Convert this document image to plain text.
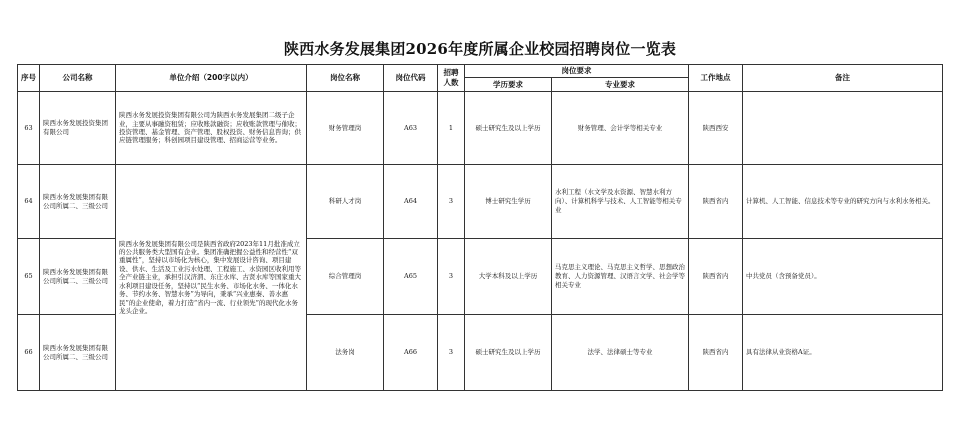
陕西水务发展集团2026年度所属企业校园招聘岗位一览表
序号	公司名称	单位介绍（200字以内）	岗位名称	岗位代码	招聘人数	岗位要求		工作地点	备注
						学历要求	专业要求		
63	陕西水务发展投资集团有限公司	陕西水务发展投资集团有限公司为陕西水务发展集团二级子企业，主要从事融资租赁；应收账款融资；应收账款管理与催收；投资管理、基金管理、资产管理、股权投资、财务信息咨询；供应链管理服务；科创园项目建设管理、招商运营等业务。	财务管理岗	A63	1	硕士研究生及以上学历	财务管理、会计学等相关专业	陕西西安	
64	陕西水务发展集团有限公司所属二、三级公司	陕西水务发展集团有限公司是陕西省政府2023年11月批准成立的公共服务类大型国有企业。集团准确把握公益性和经营性“双重属性”，坚持以市场化为核心，集中发展设计咨询、项目建设、供水、生活及工业污水处理、工程施工、水资园区收利用等全产业链主业，承担引汉济渭、东庄水库、古贤水库等国家重大水利项目建设任务，坚持以“民生水务、市场化水务、一体化水务、节约水务、智慧水务”为导向，秉承“兴业惠秦、善水惠民”的企业使命，着力打造“省内一流、行业领先”的现代化水务龙头企业。	科研人才岗	A64	3	博士研究生学历	水利工程（水文学及水资源、智慧水利方向）、计算机科学与技术、人工智能等相关专业	陕西省内	计算机、人工智能、信息技术等专业的研究方向与水利水务相关。
65	陕西水务发展集团有限公司所属二、三级公司		综合管理岗	A65	3	大学本科及以上学历	马克思主义理论、马克思主义哲学、思想政治教育、人力资源管理、汉语言文学、社会学等相关专业	陕西省内	中共党员（含预备党员）。
66	陕西水务发展集团有限公司所属二、三级公司		法务岗	A66	3	硕士研究生及以上学历	法学、法律硕士等专业	陕西省内	具有法律从业资格A证。
